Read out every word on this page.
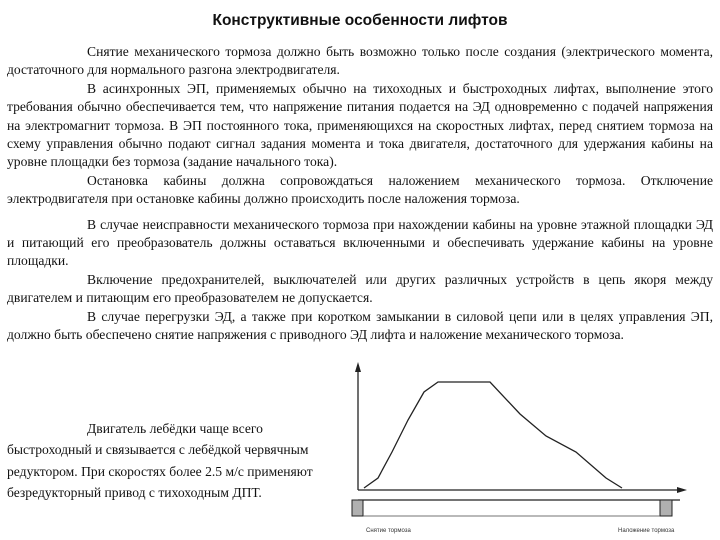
Конструктивные особенности лифтов

Снятие механического тормоза должно быть возможно только после создания (электрического момента, достаточного для нормального разгона электродвигателя.

В асинхронных ЭП, применяемых обычно на тихоходных и быстроходных лифтах, выполнение этого требования обычно обеспечивается тем, что напряжение питания подается на ЭД одновременно с подачей напряжения на электромагнит тормоза. В ЭП постоянного тока, применяющихся на скоростных лифтах, перед снятием тормоза на схему управления обычно подают сигнал задания момента и тока двигателя, достаточного для удержания кабины на уровне площадки без тормоза (задание начального тока).

Остановка кабины должна сопровождаться наложением механического тормоза. Отключение электродвигателя при остановке кабины должно происходить после наложения тормоза.

В случае неисправности механического тормоза при нахождении кабины на уровне этажной площадки ЭД и питающий его преобразователь должны оставаться включенными и обеспечивать удержание кабины на уровне площадки.

Включение предохранителей, выключателей или других различных устройств в цепь якоря между двигателем и питающим его преобразователем не допускается.

В случае перегрузки ЭД, а также при коротком замыкании в силовой цепи или в целях управления ЭП, должно быть обеспечено снятие напряжения с приводного ЭД лифта и наложение механического тормоза.

Двигатель лебёдки чаще всего быстроходный и связывается с лебёдкой червячным редуктором. При скоростях более 2.5 м/с применяют безредукторный привод с тихоходным ДПТ.

Снятие тормоза	Наложение тормоза
